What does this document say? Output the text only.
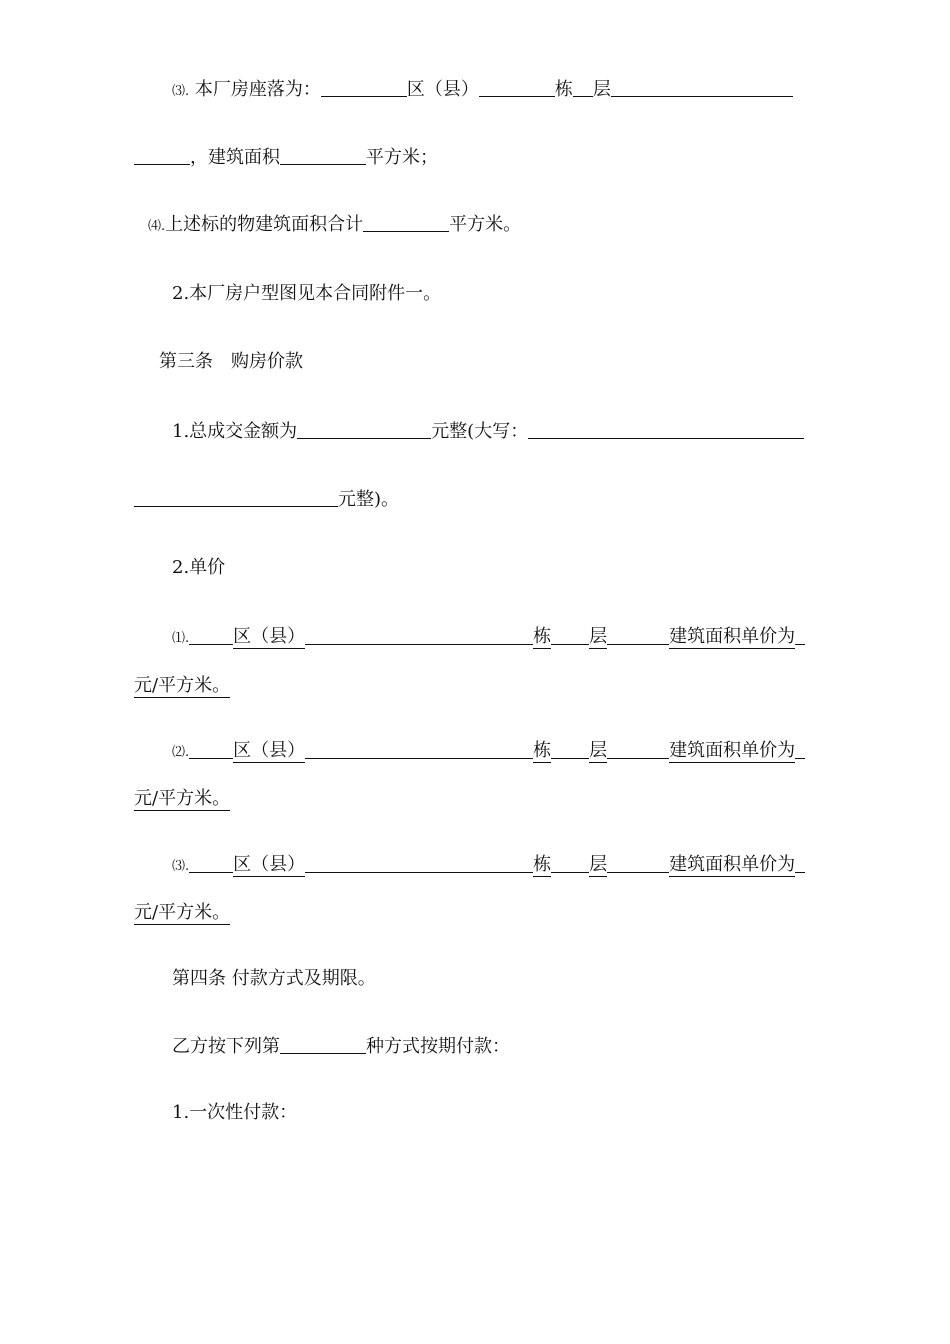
⑶. 本厂房座落为：	区（县）	栋 层
，建筑面积	平方米；
⑷.上述标的物建筑面积合计	平方米。
2.本厂房户型图见本合同附件一。
第三条　购房价款
1.总成交金额为	元整(大写：
元整)。
2.单价
⑴. 区（县）	栋 层	建筑面积单价为
元/平方米。
⑵. 区（县）	栋 层	建筑面积单价为
元/平方米。
⑶. 区（县）	栋 层	建筑面积单价为
元/平方米。
第四条 付款方式及期限。
乙方按下列第	种方式按期付款：
1.一次性付款：
